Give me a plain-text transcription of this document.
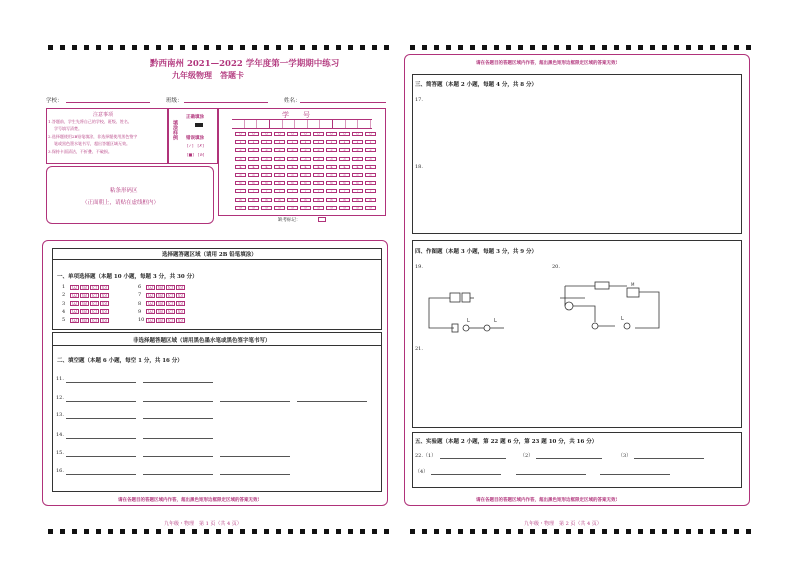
黔西南州 2021—2022 学年度第一学期期中练习
九年级物理　答题卡
学校：	班级：	姓名：
注意事项
1.答题前，学生先将自己的学校、班级、姓名、
学号填写清楚。
2.选择题使用2B铅笔填涂，非选择题使用黑色签字
笔或黑色墨水笔书写，超出答题区域无效。
3.保持卡面清洁，不折叠、不破损。
填涂样例
正确填涂
错误填涂
[✓]　[✗]
[■]　[⊘]
学　　号
0	0	0	0	0	0	0	0	0	0	0
1	1	1	1	1	1	1	1	1	1	1
2	2	2	2	2	2	2	2	2	2	2
3	3	3	3	3	3	3	3	3	3	3
4	4	4	4	4	4	4	4	4	4	4
5	5	5	5	5	5	5	5	5	5	5
6	6	6	6	6	6	6	6	6	6	6
7	7	7	7	7	7	7	7	7	7	7
8	8	8	8	8	8	8	8	8	8	8
9	9	9	9	9	9	9	9	9	9	9
缺考标记：
粘条形码区
（正面朝上，请贴在虚线框内）
选择题答题区域（请用 2B 铅笔填涂）
一、单项选择题（本题 10 小题，每题 3 分，共 30 分）
1	[A]	[B]	[C]	[D]
2	[A]	[B]	[C]	[D]
3	[A]	[B]	[C]	[D]
4	[A]	[B]	[C]	[D]
5	[A]	[B]	[C]	[D]
6	[A]	[B]	[C]	[D]
7	[A]	[B]	[C]	[D]
8	[A]	[B]	[C]	[D]
9	[A]	[B]	[C]	[D]
10 [A]	[B]	[C]	[D]
非选择题答题区域（请用黑色墨水笔或黑色签字笔书写）
二、填空题（本题 6 小题，每空 1 分，共 16 分）
11.
12.
13.
14.
15.
16.
请在各题目的答题区域内作答，超出黑色矩形边框限定区域的答案无效!
九年级・物理　第 1 页（共 4 页）
请在各题目的答题区域内作答，超出黑色矩形边框限定区域的答案无效!
三、简答题（本题 2 小题，每题 4 分，共 8 分）
17.
18.
四、作图题（本题 3 小题，每题 3 分，共 9 分）
19.	20.
21.
L	L	L
M
五、实验题（本题 2 小题，第 22 题 6 分，第 23 题 10 分，共 16 分）
22.（1）	（2）	（3）
（4）
请在各题目的答题区域内作答，超出黑色矩形边框限定区域的答案无效!
九年级・物理　第 2 页（共 4 页）
